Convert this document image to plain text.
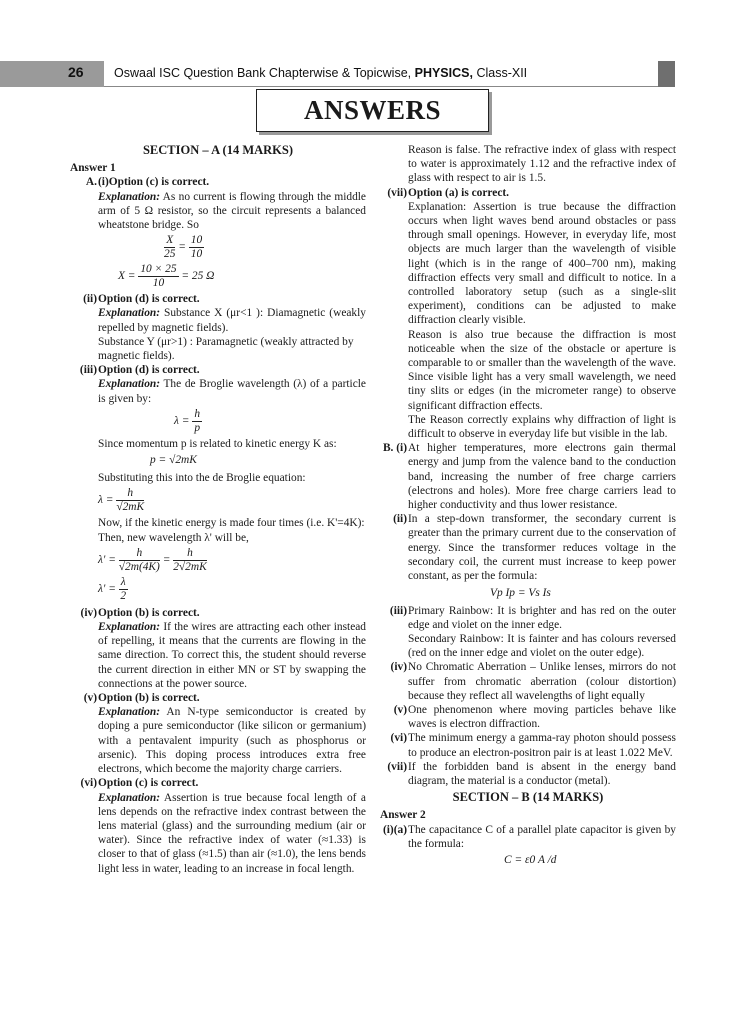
26 Oswaal ISC Question Bank Chapterwise & Topicwise, PHYSICS, Class-XII
ANSWERS
SECTION – A (14 MARKS)
Answer 1
A. (i)Option (c) is correct.
Explanation: As no current is flowing through the middle arm of 5 Ω resistor, so the circuit represents a balanced wheatstone bridge. So
$\frac{X}{25} = \frac{10}{10}$
$X = \frac{10 \times 25}{10} = 25$ Ω
(ii) Option (d) is correct.
Explanation: Substance X (μr<1 ): Diamagnetic (weakly repelled by magnetic fields).
Substance Y (μr>1) : Paramagnetic (weakly attracted by magnetic fields).
(iii) Option (d) is correct.
Explanation: The de Broglie wavelength (λ) of a particle is given by:
$\lambda = \frac{h}{p}$
Since momentum p is related to kinetic energy K as:
p = √2mK
Substituting this into the de Broglie equation:
$\lambda = \frac{h}{√2mK}$
Now, if the kinetic energy is made four times (i.e. K'=4K):
Then, new wavelength λ' will be,
$\lambda' = \frac{h}{√2m(4K)} = \frac{h}{2√2mK}$
$\lambda' = \frac{\lambda}{2}$
(iv) Option (b) is correct.
Explanation: If the wires are attracting each other instead of repelling, it means that the currents are flowing in the same direction. To correct this, the student should reverse the current direction in either MN or ST by swapping the connections at the power source.
(v) Option (b) is correct.
Explanation: An N-type semiconductor is created by doping a pure semiconductor (like silicon or germanium) with a pentavalent impurity (such as phosphorus or arsenic). This doping process introduces extra free electrons, which become the majority charge carriers.
(vi) Option (c) is correct.
Explanation: Assertion is true because focal length of a lens depends on the refractive index contrast between the lens material (glass) and the surrounding medium (air or water). Since the refractive index of water (≈1.33) is closer to that of glass (≈1.5) than air (≈1.0), the lens bends light less in water, leading to an increase in focal length.
Reason is false. The refractive index of glass with respect to water is approximately 1.12 and the refractive index of glass with respect to air is 1.5.
(vii) Option (a) is correct.
Explanation: Assertion is true because the diffraction occurs when light waves bend around obstacles or pass through small openings. However, in everyday life, most objects are much larger than the wavelength of visible light (which is in the range of 400–700 nm), making diffraction effects very small and difficult to notice. In a controlled laboratory setup (such as a single-slit experiment), conditions can be adjusted to make diffraction clearly visible.
Reason is also true because the diffraction is most noticeable when the size of the obstacle or aperture is comparable to or smaller than the wavelength of the wave. Since visible light has a very small wavelength, we need tiny slits or edges (in the micrometer range) to observe significant diffraction effects.
The Reason correctly explains why diffraction of light is difficult to observe in everyday life but visible in the lab.
B. (i) At higher temperatures, more electrons gain thermal energy and jump from the valence band to the conduction band, increasing the number of free charge carriers (electrons and holes). More free charge carriers lead to higher conductivity and thus lower resistance.
(ii) In a step-down transformer, the secondary current is greater than the primary current due to the conservation of energy. Since the transformer reduces voltage in the secondary coil, the current must increase to keep power constant, as per the formula:
Vp Ip = Vs Is
(iii) Primary Rainbow: It is brighter and has red on the outer edge and violet on the inner edge.
Secondary Rainbow: It is fainter and has colours reversed (red on the inner edge and violet on the outer edge).
(iv) No Chromatic Aberration – Unlike lenses, mirrors do not suffer from chromatic aberration (colour distortion) because they reflect all wavelengths of light equally
(v) One phenomenon where moving particles behave like waves is electron diffraction.
(vi) The minimum energy a gamma-ray photon should possess to produce an electron-positron pair is at least 1.022 MeV.
(vii) If the forbidden band is absent in the energy band diagram, the material is a conductor (metal).
SECTION – B (14 MARKS)
Answer 2
(i)(a) The capacitance C of a parallel plate capacitor is given by the formula:
C = ε0 A /d
